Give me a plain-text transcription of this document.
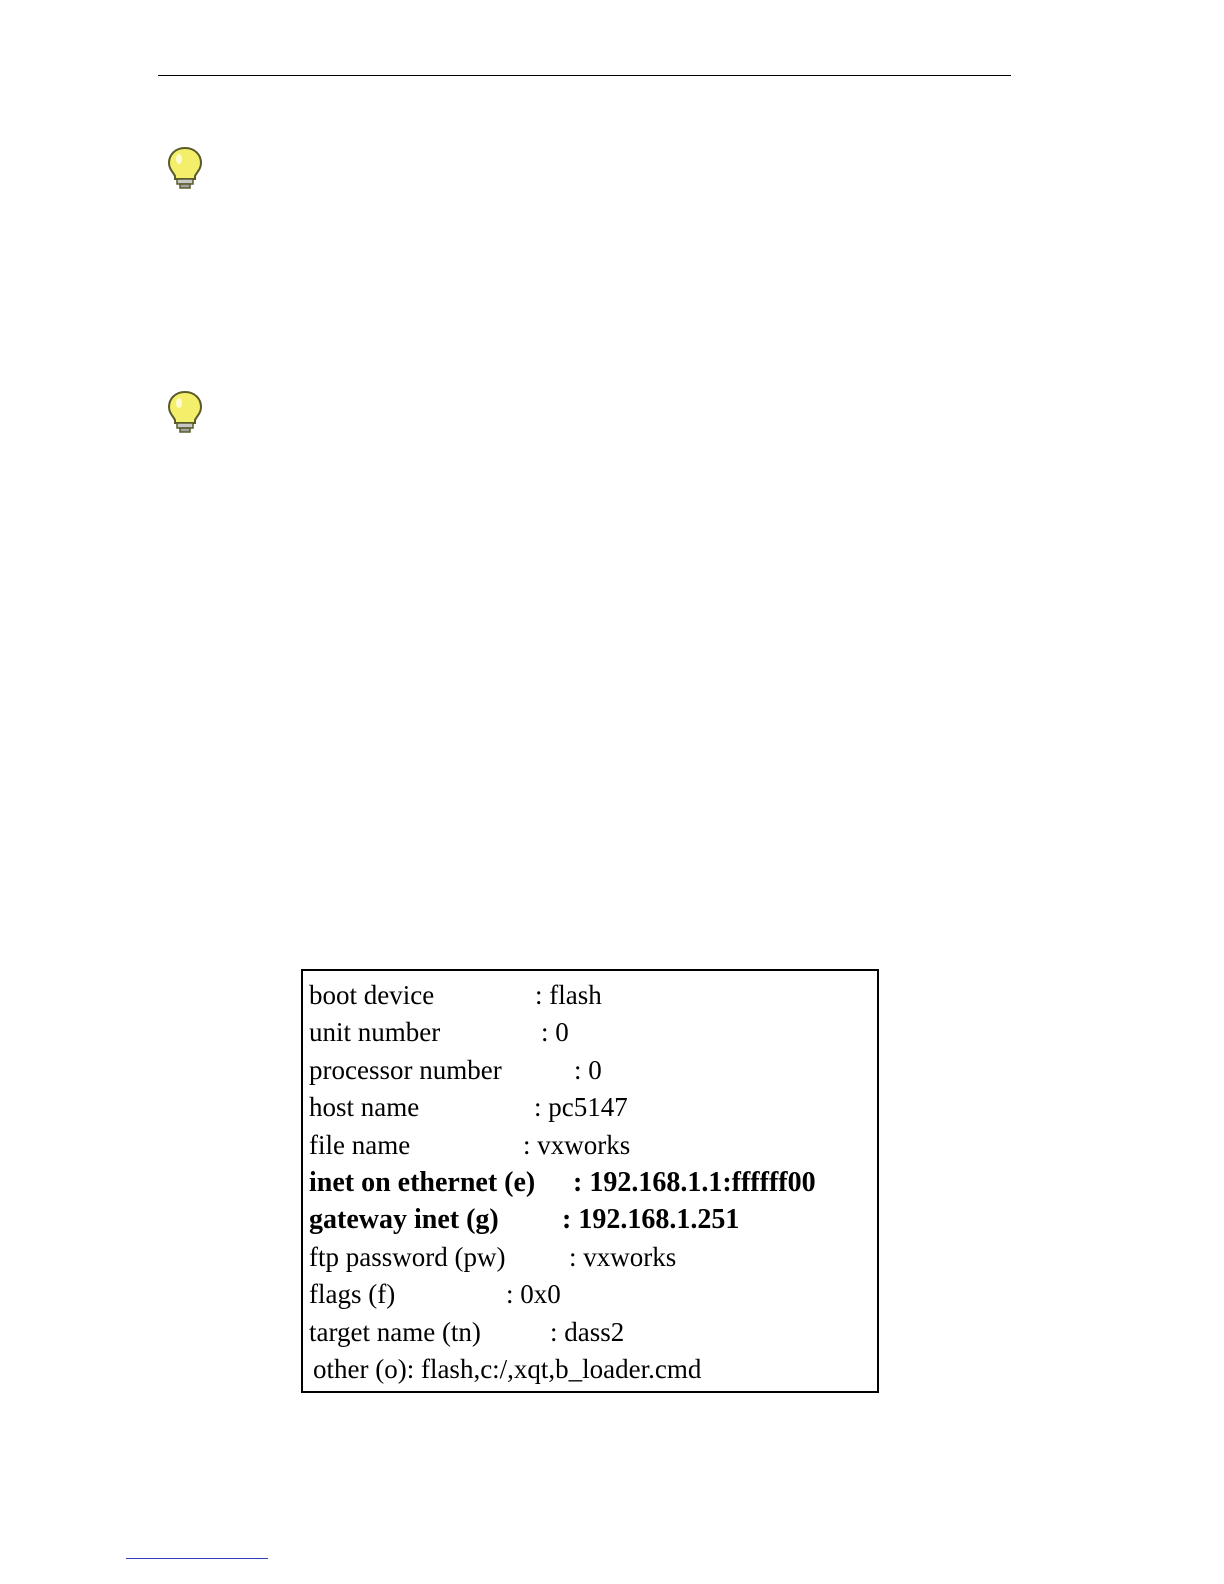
boot device	: flash
unit number	: 0
processor number	: 0
host name	: pc5147
file name	: vxworks
inet on ethernet (e) : 192.168.1.1:ffffff00
gateway inet (g) : 192.168.1.251
ftp password (pw) : vxworks
flags (f)	: 0x0
target name (tn)	: dass2
other (o): flash,c:/,xqt,b_loader.cmd
